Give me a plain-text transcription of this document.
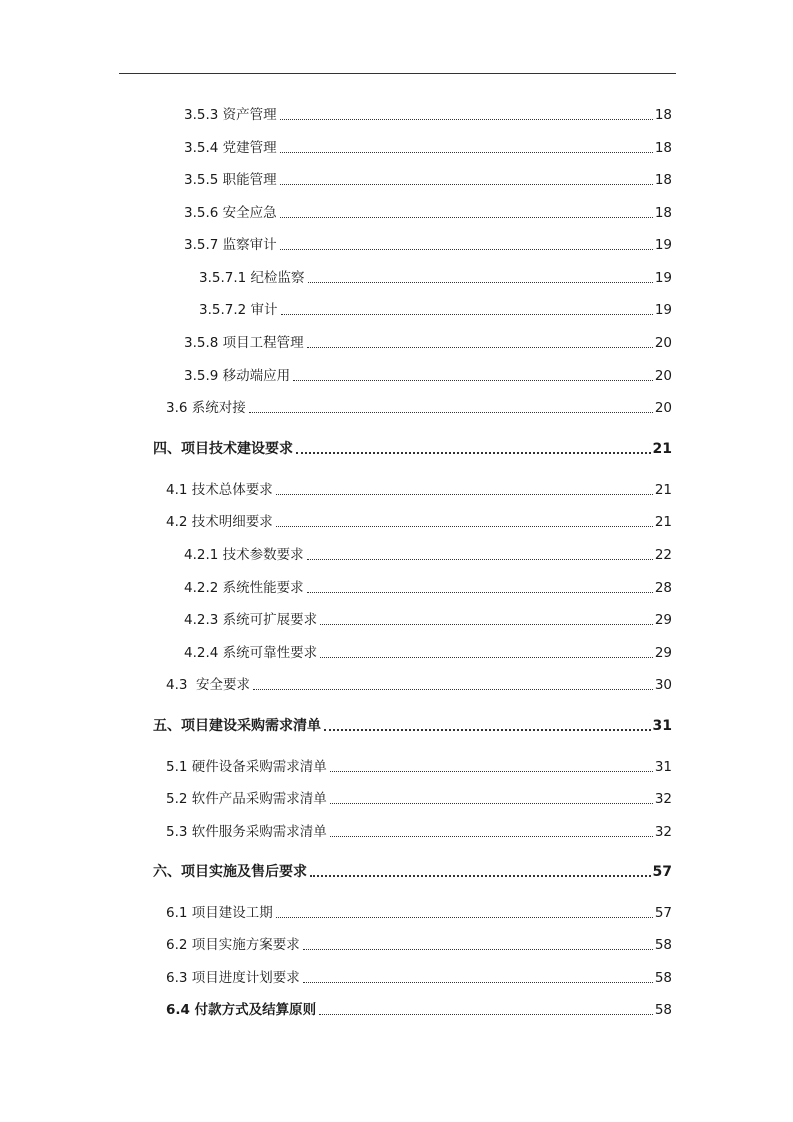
3.5.3 资产管理	18
3.5.4 党建管理	18
3.5.5 职能管理	18
3.5.6 安全应急	18
3.5.7 监察审计	19
3.5.7.1 纪检监察	19
3.5.7.2 审计	19
3.5.8 项目工程管理	20
3.5.9 移动端应用	20
3.6 系统对接	20
四、项目技术建设要求	21
4.1 技术总体要求	21
4.2 技术明细要求	21
4.2.1 技术参数要求	22
4.2.2 系统性能要求	28
4.2.3 系统可扩展要求	29
4.2.4 系统可靠性要求	29
4.3  安全要求	30
五、项目建设采购需求清单	31
5.1 硬件设备采购需求清单	31
5.2 软件产品采购需求清单	32
5.3 软件服务采购需求清单	32
六、项目实施及售后要求	57
6.1 项目建设工期	57
6.2 项目实施方案要求	58
6.3 项目进度计划要求	58
6.4 付款方式及结算原则	58
